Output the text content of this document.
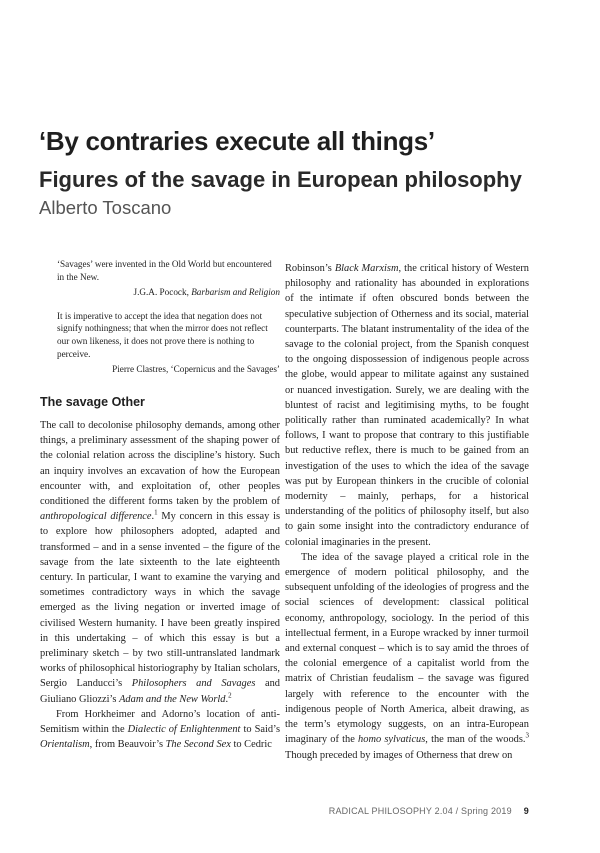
‘By contraries execute all things’
Figures of the savage in European philosophy
Alberto Toscano
‘Savages’ were invented in the Old World but encountered in the New.
J.G.A. Pocock, Barbarism and Religion
It is imperative to accept the idea that negation does not signify nothingness; that when the mirror does not reflect our own likeness, it does not prove there is nothing to perceive.
Pierre Clastres, ‘Copernicus and the Savages’
The savage Other

The call to decolonise philosophy demands, among other things, a preliminary assessment of the shaping power of the colonial relation across the discipline’s history. Such an inquiry involves an excavation of how the European encounter with, and exploitation of, other peoples conditioned the different forms taken by the problem of anthropological difference.$^1$ My concern in this essay is to explore how philosophers adopted, adapted and transformed – and in a sense invented – the figure of the savage from the late sixteenth to the late eighteenth century. In particular, I want to examine the varying and sometimes contradictory ways in which the savage emerged as the living negation or inverted image of civilised Western humanity. I have been greatly inspired in this undertaking – of which this essay is but a preliminary sketch – by two still-untranslated landmark works of philosophical historiography by Italian scholars, Sergio Landucci’s Philosophers and Savages and Giuliano Gliozzi’s Adam and the New World.$^2$

From Horkheimer and Adorno’s location of anti-Semitism within the Dialectic of Enlightenment to Said’s Orientalism, from Beauvoir’s The Second Sex to Cedric

Robinson’s Black Marxism, the critical history of Western philosophy and rationality has abounded in explorations of the intimate if often obscured bonds between the speculative subjection of Otherness and its social, material counterparts. The blatant instrumentality of the idea of the savage to the colonial project, from the Spanish conquest to the ongoing dispossession of indigenous people across the globe, would appear to militate against any sustained or nuanced investigation. Surely, we are dealing with the bluntest of racist and legitimising myths, to be fought politically rather than ruminated academically? In what follows, I want to propose that contrary to this justifiable but reductive reflex, there is much to be gained from an investigation of the uses to which the idea of the savage was put by European thinkers in the crucible of colonial modernity – mainly, perhaps, for a historical understanding of the politics of philosophy itself, but also to gain some insight into the contradictory endurance of colonial imaginaries in the present.

The idea of the savage played a critical role in the emergence of modern political philosophy, and the subsequent unfolding of the ideologies of progress and the social sciences of development: classical political economy, anthropology, sociology. In the period of this intellectual ferment, in a Europe wracked by inner turmoil and external conquest – which is to say amid the throes of the colonial emergence of a capitalist world from the matrix of Christian feudalism – the savage was figured largely with reference to the encounter with the indigenous people of North America, albeit drawing, as the term’s etymology suggests, on an intra-European imaginary of the homo sylvaticus, the man of the woods.$^3$ Though preceded by images of Otherness that drew on

RADICAL PHILOSOPHY 2.04 / Spring 2019 9
